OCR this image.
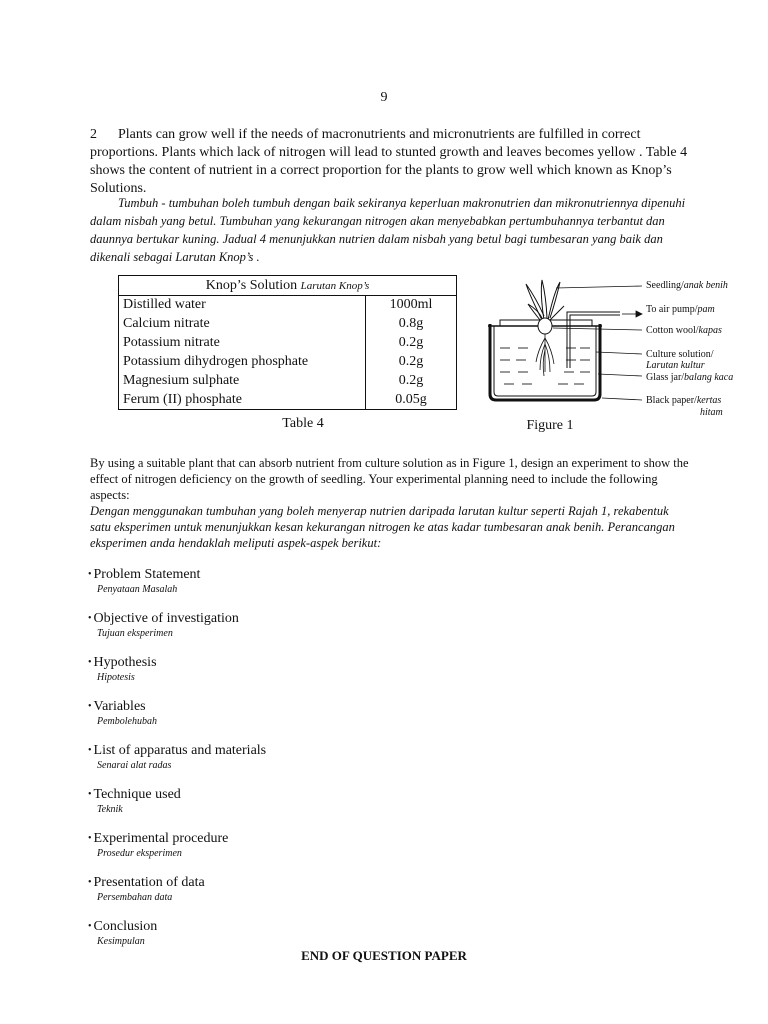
9
2 Plants can grow well if the needs of macronutrients and micronutrients are fulfilled in correct proportions. Plants which lack of nitrogen will lead to stunted growth and leaves becomes yellow . Table 4 shows the content of nutrient in a correct proportion for the plants to grow well which known as Knop’s Solutions.
Tumbuh - tumbuhan boleh tumbuh dengan baik sekiranya keperluan makronutrien dan mikronutriennya dipenuhi dalam nisbah yang betul. Tumbuhan yang kekurangan nitrogen akan menyebabkan pertumbuhannya terbantut dan daunnya bertukar kuning. Jadual 4 menunjukkan nutrien dalam nisbah yang betul bagi tumbesaran yang baik dan dikenali sebagai Larutan Knop’s .
Knop’s Solution Larutan Knop’s	
Distilled water	1000ml
Calcium nitrate	0.8g
Potassium nitrate	0.2g
Potassium dihydrogen phosphate	0.2g
Magnesium sulphate	0.2g
Ferum (II) phosphate	0.05g
Table 4
Seedling/anak benih
To air pump/pam
Cotton wool/kapas
Culture solution/
Larutan kultur
Glass jar/balang kaca
Black paper/kertas
hitam
Figure 1
By using a suitable plant that can absorb nutrient from culture solution as in Figure 1, design an experiment to show the effect of nitrogen deficiency on the growth of seedling. Your experimental planning need to include the following aspects:
Dengan menggunakan tumbuhan yang boleh menyerap nutrien daripada larutan kultur seperti Rajah 1, rekabentuk satu eksperimen untuk menunjukkan kesan kekurangan nitrogen ke atas kadar tumbesaran anak benih. Perancangan eksperimen anda hendaklah meliputi aspek-aspek berikut:
• Problem Statement
Penyataan Masalah
• Objective of investigation
Tujuan eksperimen
• Hypothesis
Hipotesis
• Variables
Pembolehubah
• List of apparatus and materials
Senarai alat radas
• Technique used
Teknik
• Experimental procedure
Prosedur eksperimen
• Presentation of data
Persembahan data
• Conclusion
Kesimpulan
END OF QUESTION PAPER
